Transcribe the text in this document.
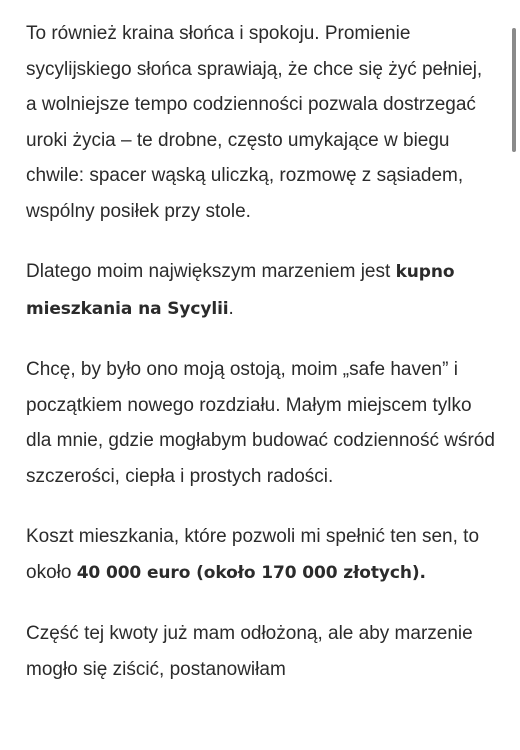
To również kraina słońca i spokoju. Promienie sycylijskiego słońca sprawiają, że chce się żyć pełniej, a wolniejsze tempo codzienności pozwala dostrzegać uroki życia – te drobne, często umykające w biegu chwile: spacer wąską uliczką, rozmowę z sąsiadem, wspólny posiłek przy stole.

Dlatego moim największym marzeniem jest kupno mieszkania na Sycylii.

Chcę, by było ono moją ostoją, moim „safe haven” i początkiem nowego rozdziału. Małym miejscem tylko dla mnie, gdzie mogłabym budować codzienność wśród szczerości, ciepła i prostych radości.

Koszt mieszkania, które pozwoli mi spełnić ten sen, to około 40 000 euro (około 170 000 złotych).

Część tej kwoty już mam odłożoną, ale aby marzenie mogło się ziścić, postanowiłam
